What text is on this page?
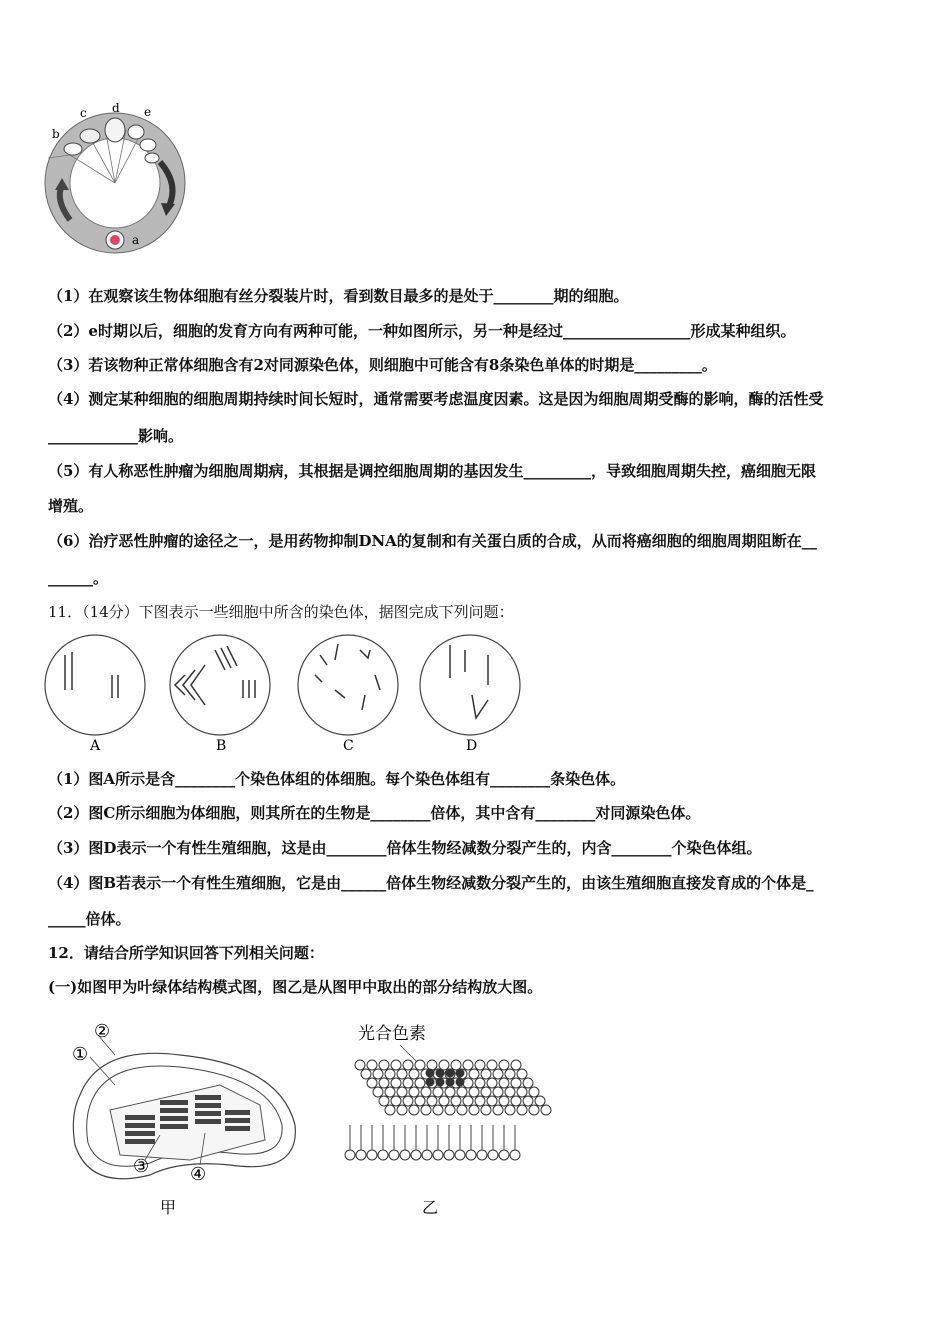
b
c d e
a
（1）在观察该生物体细胞有丝分裂装片时，看到数目最多的是处于________期的细胞。
（2）e时期以后，细胞的发育方向有两种可能，一种如图所示，另一种是经过_________________形成某种组织。
（3）若该物种正常体细胞含有2对同源染色体，则细胞中可能含有8条染色单体的时期是_________。
（4）测定某种细胞的细胞周期持续时间长短时，通常需要考虑温度因素。这是因为细胞周期受酶的影响，酶的活性受
____________影响。
（5）有人称恶性肿瘤为细胞周期病，其根据是调控细胞周期的基因发生_________，导致细胞周期失控，癌细胞无限
增殖。
（6）治疗恶性肿瘤的途径之一，是用药物抑制DNA的复制和有关蛋白质的合成，从而将癌细胞的细胞周期阻断在__
______。
11．（14分）下图表示一些细胞中所含的染色体，据图完成下列问题：
A	B	C	D
（1）图A所示是含________个染色体组的体细胞。每个染色体组有________条染色体。
（2）图C所示细胞为体细胞，则其所在的生物是________倍体，其中含有________对同源染色体。
（3）图D表示一个有性生殖细胞，这是由________倍体生物经减数分裂产生的，内含________个染色体组。
（4）图B若表示一个有性生殖细胞，它是由______倍体生物经减数分裂产生的，由该生殖细胞直接发育成的个体是_
_____倍体。
12．请结合所学知识回答下列相关问题：
(一)如图甲为叶绿体结构模式图，图乙是从图甲中取出的部分结构放大图。
②
①
③ ④
甲
光合色素
乙
